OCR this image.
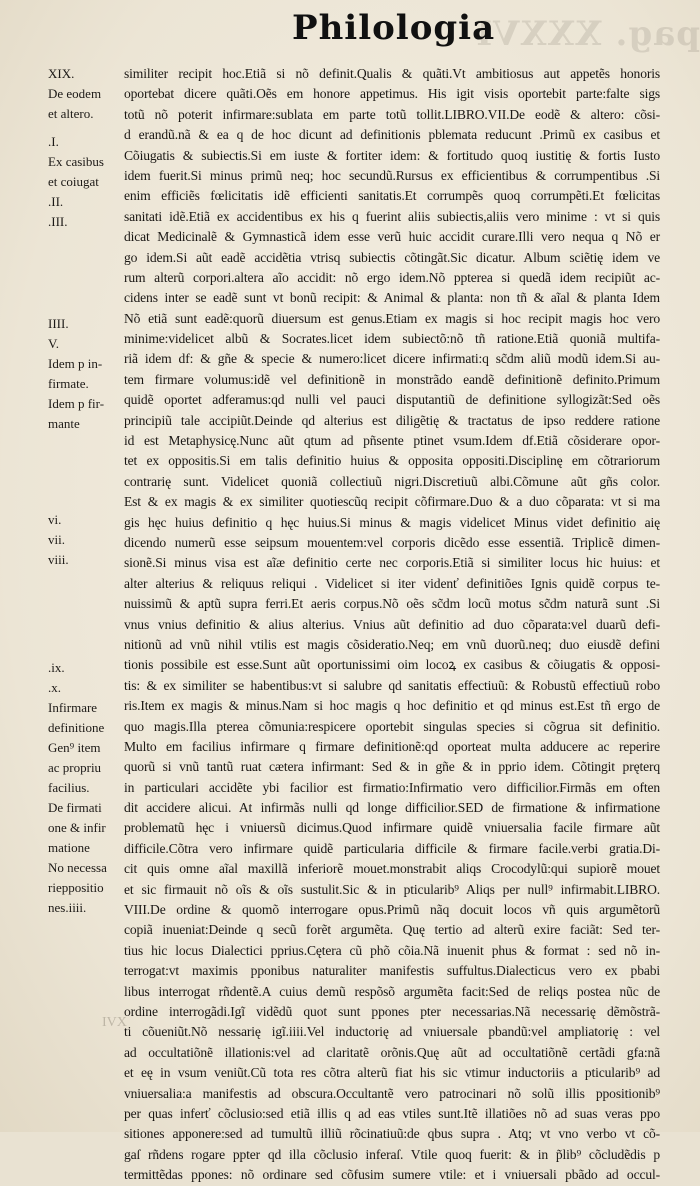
pag. XXXVI
Philologia
XIX.
De eodem
et altero.
.I.
Ex casibus
et coiugat
.II.
.III.
IIII.
V.
Idem p in-
firmate.
Idem p fir-
mante
vi.
vii.
viii.
.ix.
.x.
Infirmare
definitione
Gen⁹ item
ac propriu
facilius.
De firmati
one & infir
matione
No necessa
rieppositio
nes.iiii.
similiter recipit hoc.Etiã si nõ definit.Qualis & quãti.Vt ambitiosus aut appetẽs honoris
oportebat dicere quãti.Oẽs em honore appetimus. His igit visis oportebit parte:falte sigs
totũ nõ poterit infirmare:sublata em parte totũ tollit.LIBRO.VII.De eodẽ & altero: cõsi-
d erandũ.nã & ea q de hoc dicunt ad definitionis pblemata reducunt .Primũ ex casibus et
Cõiugatis & subiectis.Si em iuste & fortiter idem: & fortitudo quoq iustitię & fortis Iusto
idem fuerit.Si minus primũ neq; hoc secundũ.Rursus ex efficientibus & corrumpentibus .Si
enim efficiẽs fœlicitatis idẽ efficienti sanitatis.Et corrumpẽs quoq corrumpẽti.Et fœlicitas
sanitati idẽ.Etiã ex accidentibus ex his q fuerint aliis subiectis,aliis vero minime : vt si quis
dicat Medicinalẽ & Gymnasticã idem esse verũ huic accidit curare.Illi vero nequa q Nõ er
go idem.Si aũt eadẽ accidẽtia vtrisq subiectis cõtingãt.Sic dicatur. Album sciẽtię idem ve
rum alterũ corpori.altera aĩo accidit: nõ ergo idem.Nõ pptereа si quedã idem recipiũt ac-
cidens inter se eadẽ sunt vt bonũ recipit: & Animal & planta: non tñ & aĩal & planta Idem
Nõ etiã sunt eadẽ:quorũ diuersum est genus.Etiam ex magis si hoc recipit magis hoc vero
minime:videlicet albũ & Socrates.licet idem subiectõ:nõ tñ ratione.Etiã quoniã multifa-
riã idem df: & gñe & specie & numero:licet dicere infirmati:q sc̃dm aliũ modũ idem.Si au-
tem firmare volumus:idẽ vel definitionẽ in monstrãdo eandẽ definitionẽ definito.Primum
quidẽ oportet adferamus:qd nulli vel pauci disputantiũ de definitione syllogizãt:Sed oẽs
principiũ tale accipiũt.Deinde qd alterius est diligẽtię & tractatus de ipso reddere ratione
id est Metaphysicę.Nunc aũt qtum ad pñsente ptinet vsum.Idem df.Etiã cõsiderare opor-
tet ex oppositis.Si em talis definitio huius & opposita oppositi.Disciplinę em cõtrariorum
contrarię sunt. Videlicet quoniã collectiuũ nigri.Discretiuũ albi.Cõmune aũt gñs color.
Est & ex magis & ex similiter quotiescũq recipit cõfirmare.Duo & a duo cõparata: vt si ma
gis hęc huius definitio q hęc huius.Si minus & magis videlicet Minus videt definitio aię
dicendo numerũ esse seipsum mouentem:vel corporis dicẽdo esse essentiã. Triplicẽ dimen-
sionẽ.Si minus visa est aĩæ definitio certe nec corporis.Etiã si similiter locus hic huius: et
alter alterius & reliquus reliqui . Videlicet si iter videnť definitiões Ignis quidẽ corpus te-
nuissimũ & aptũ supra ferri.Et aeris corpus.Nõ oẽs sc̃dm locũ motus sc̃dm naturã sunt .Si
vnus vnius definitio & alius alterius. Vnius aũt definitio ad duo cõparata:vel duarũ defi-
nitionũ ad vnũ nihil vtilis est magis cõsideratio.Neq; em vnũ duorũ.neq; duo eiusdẽ defini
tionis possibile est esse.Sunt aũt oportunissimi oim locoꝝ ex casibus & cõiugatis & opposi-
tis: & ex similiter se habentibus:vt si salubre qd sanitatis effectiuũ: & Robustũ effectiuũ robo
ris.Item ex magis & minus.Nam si hoc magis q hoc definitio et qd minus est.Est tñ ergo de
quo magis.Illa pterea cõmunia:respicere oportebit singulas species si cõgrua sit definitio.
Multo em facilius infirmare q firmare definitionẽ:qd oporteat multa adducere ac reperire
quorũ si vnũ tantũ ruat cætera infirmant: Sed & in gñe & in pprio idem. Cõtingit pręterq
in particulari accidẽte ybi facilior est firmatio:Infirmatio vero difficilior.Firmãs em often
dit accidere alicui. At infirmãs nulli qd longe difficilior.SED de firmatione & infirmatione
problematũ hęc i vniuersũ dicimus.Quod infirmare quidẽ vniuersalia facile firmare aũt
difficile.Cõtra vero infirmare quidẽ particularia difficile & firmare facile.verbi gratia.Di-
cit quis omne aĩal maxillã inferiorẽ mouet.monstrabit aliqs Crocodylũ:qui supiorẽ mouet
et sic firmauit nõ oĩs & oĩs sustulit.Sic & in pticularib⁹ Aliqs per null⁹ infirmabit.LIBRO.
VIII.De ordine & quomõ interrogare opus.Primũ nãq docuit locos vñ quis argumẽtorũ
copiã inueniat:Deinde q secũ forẽt argumẽta. Quę tertio ad alterũ exire faciãt: Sed ter-
tius hic locus Dialectici pprius.Cętera cũ phõ cõia.Nã inuenit phus & format : sed nõ in-
terrogat:vt maximis pponibus naturaliter manifestis suffultus.Dialecticus vero ex pbabi
libus interrogat rñdentẽ.A cuius demũ respõsõ argumẽta facit:Sed de reliqs postea nũc de
ordine interrogãdi.Igĩ vidẽdũ quot sunt ppones pter necessarias.Nã necessarię dẽmõstrã-
ti cõueniũt.Nõ nessarię igĩ.iiii.Vel inductorię ad vniuersale pbandũ:vel ampliatorię : vel
ad occultatiõnẽ illationis:vel ad claritatẽ orõnis.Quę aũt ad occultatiõnẽ certãdi gfa:nã
et eę in vsum veniũt.Cũ tota res cõtra alterũ fiat his sic vtimur inductoriis a pticularib⁹ ad
vniuersalia:a manifestis ad obscura.Occultantẽ vero patrocinari nõ solũ illis ppositionib⁹
per quas inferť cõclusio:sed etiã illis q ad eas vtiles sunt.Itẽ illatiões nõ ad suas veras ppo
sitiones apponere:sed ad tumultũ illiũ rõcinatiuũ:de qbus supra . Atq; vt vno verbo vt cõ-
gaſ rñdens rogare ppter qd illa cõclusio inferaſ. Vtile quoq fuerit: & in p̃lib⁹ cõcludẽdis p
termittẽdas ppones: nõ ordinare sed cõfusim sumere vtile: et i vniuersali pbãdo ad occul-
IVX
